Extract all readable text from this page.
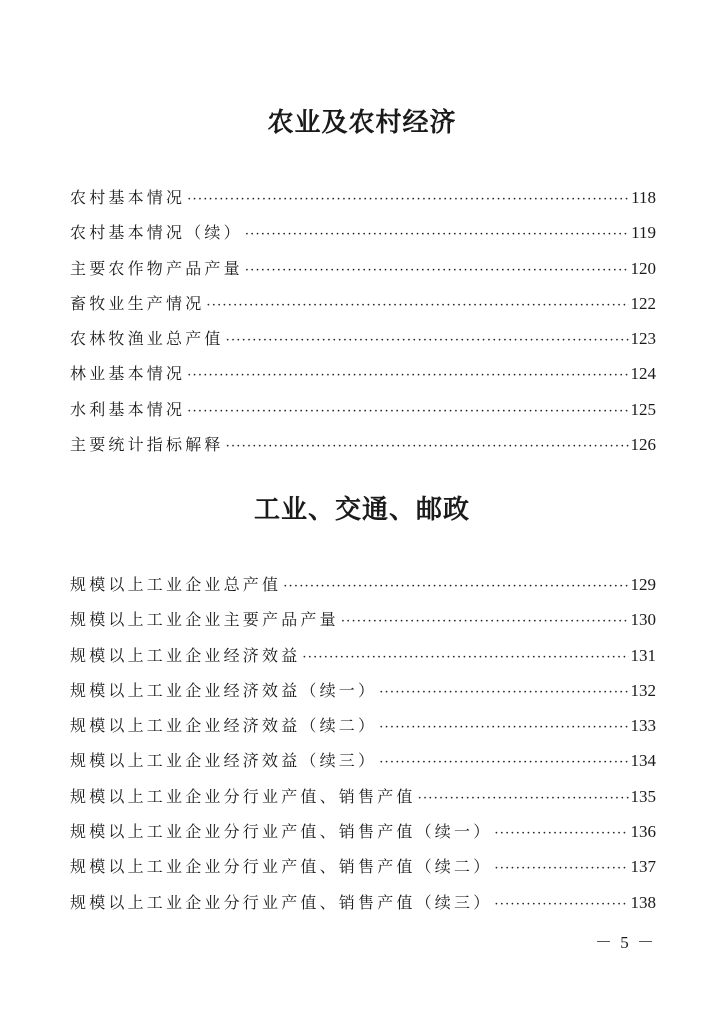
农业及农村经济
农村基本情况 ·····	118
农村基本情况（续） ·····	119
主要农作物产品产量 ·····	120
畜牧业生产情况 ·····	122
农林牧渔业总产值 ·····	123
林业基本情况 ·····	124
水利基本情况 ·····	125
主要统计指标解释 ·····	126
工业、交通、邮政
规模以上工业企业总产值 ·····	129
规模以上工业企业主要产品产量 ·····	130
规模以上工业企业经济效益 ·····	131
规模以上工业企业经济效益（续一） ·····	132
规模以上工业企业经济效益（续二） ·····	133
规模以上工业企业经济效益（续三） ·····	134
规模以上工业企业分行业产值、销售产值 ·····	135
规模以上工业企业分行业产值、销售产值（续一） ·····	136
规模以上工业企业分行业产值、销售产值（续二） ·····	137
规模以上工业企业分行业产值、销售产值（续三） ·····	138
－ 5 －
